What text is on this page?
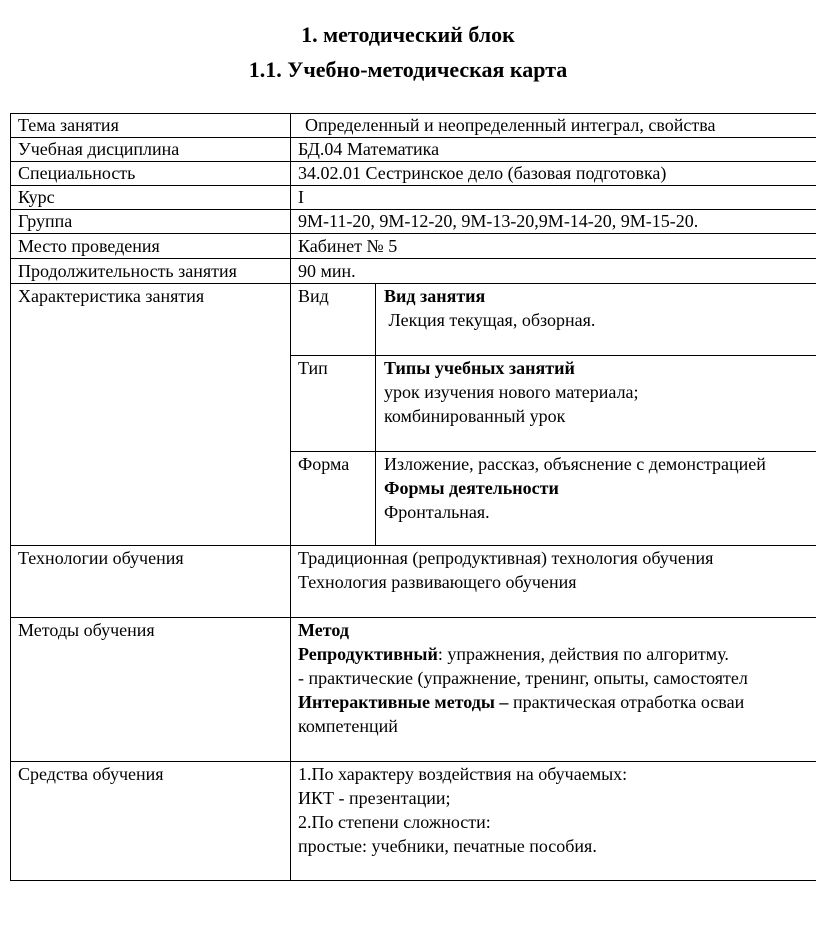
1. методический блок
1.1. Учебно-методическая карта
Тема занятия	Определенный и неопределенный интеграл, свойства
Учебная дисциплина	БД.04 Математика
Специальность	34.02.01 Сестринское дело (базовая подготовка)
Курс	I
Группа	9М-11-20, 9М-12-20, 9М-13-20,9М-14-20, 9М-15-20.
Место проведения	Кабинет № 5
Продолжительность занятия	90 мин.
Характеристика занятия	Вид	Вид занятия
Лекция текущая, обзорная.
Тип	Типы учебных занятий
урок изучения нового материала;
комбинированный урок
Форма Изложение, рассказ, объяснение с демонстрацией
Формы деятельности
Фронтальная.
Технологии обучения	Традиционная (репродуктивная) технология обучения
Технология развивающего обучения
Методы обучения	Метод
Репродуктивный: упражнения, действия по алгоритму.
- практические (упражнение, тренинг, опыты, самостоятел
Интерактивные методы – практическая отработка осваи
компетенций
Средства обучения	1.По характеру воздействия на обучаемых:
ИКТ - презентации;
2.По степени сложности:
простые: учебники, печатные пособия.
